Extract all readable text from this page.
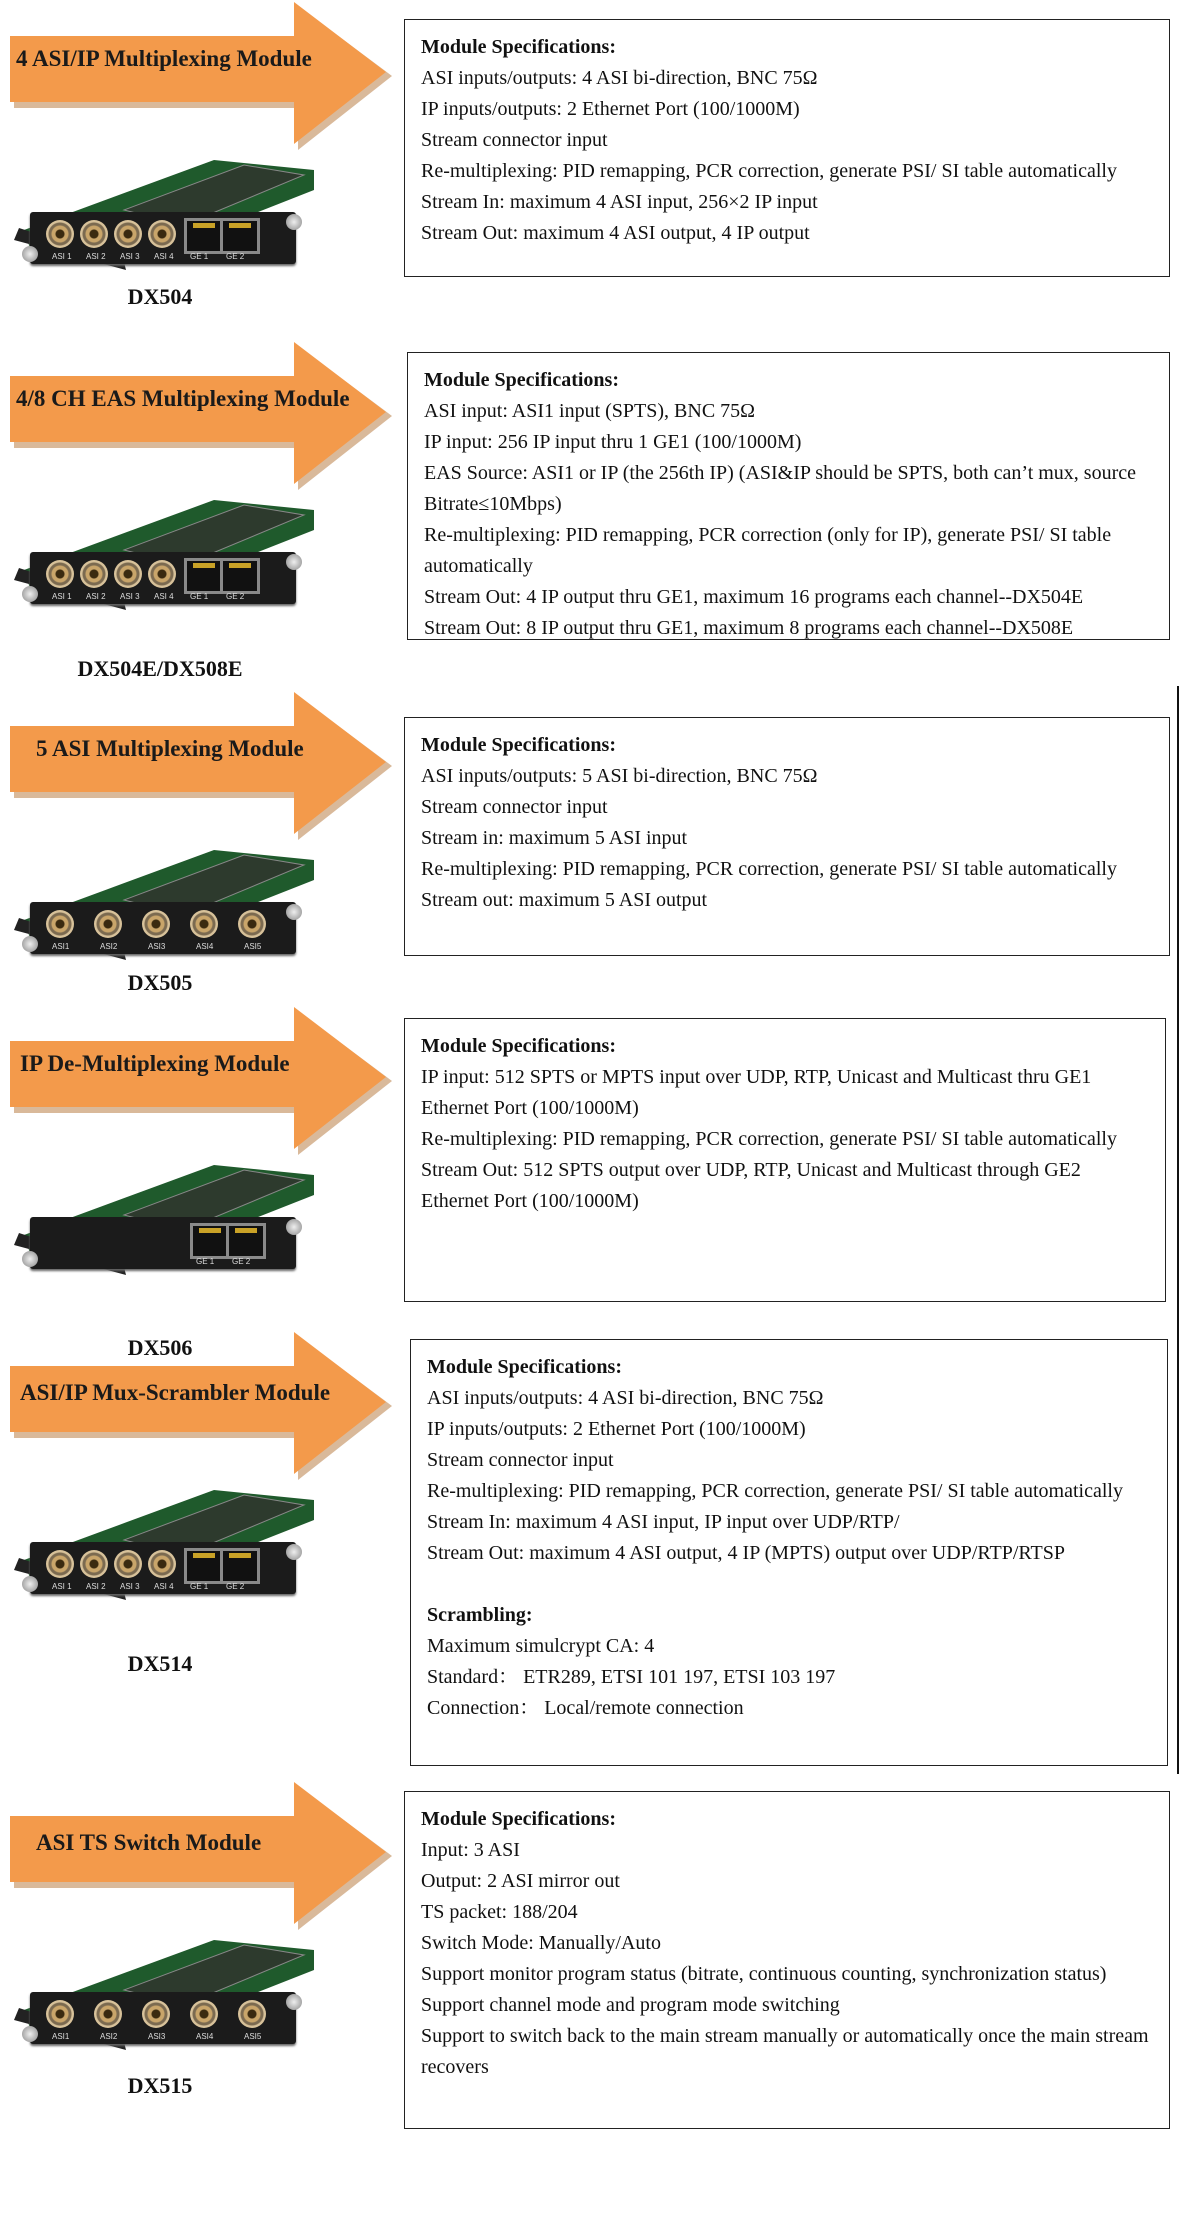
4 ASI/IP Multiplexing Module
ASI 1 ASI 2 ASI 3 ASI 4 GE 1 GE 2
DX504
Module Specifications:
ASI inputs/outputs: 4 ASI bi-direction, BNC 75Ω
IP inputs/outputs: 2 Ethernet Port (100/1000M)
Stream connector input
Re-multiplexing: PID remapping, PCR correction, generate PSI/ SI table automatically
Stream In: maximum 4 ASI input, 256×2 IP input
Stream Out: maximum 4 ASI output, 4 IP output
4/8 CH EAS Multiplexing Module
ASI 1 ASI 2 ASI 3 ASI 4 GE 1 GE 2
DX504E/DX508E
Module Specifications:
ASI input: ASI1 input (SPTS), BNC 75Ω
IP input: 256 IP input thru 1 GE1 (100/1000M)
EAS Source: ASI1 or IP (the 256th IP) (ASI&IP should be SPTS, both can’t mux, source Bitrate≤10Mbps)
Re-multiplexing: PID remapping, PCR correction (only for IP), generate PSI/ SI table automatically
Stream Out: 4 IP output thru GE1, maximum 16 programs each channel--DX504E
Stream Out: 8 IP output thru GE1, maximum 8 programs each channel--DX508E
5 ASI Multiplexing Module
ASI1	ASI2	ASI3	ASI4	ASI5
DX505
Module Specifications:
ASI inputs/outputs: 5 ASI bi-direction, BNC 75Ω
Stream connector input
Stream in: maximum 5 ASI input
Re-multiplexing: PID remapping, PCR correction, generate PSI/ SI table automatically
Stream out: maximum 5 ASI output
IP De-Multiplexing Module
GE 1 GE 2
DX506
Module Specifications:
IP input: 512 SPTS or MPTS input over UDP, RTP, Unicast and Multicast thru GE1 Ethernet Port (100/1000M)
Re-multiplexing: PID remapping, PCR correction, generate PSI/ SI table automatically
Stream Out: 512 SPTS output over UDP, RTP, Unicast and Multicast through GE2 Ethernet Port (100/1000M)
ASI/IP Mux-Scrambler Module
ASI 1 ASI 2 ASI 3 ASI 4 GE 1 GE 2
DX514
Module Specifications:
ASI inputs/outputs: 4 ASI bi-direction, BNC 75Ω
IP inputs/outputs: 2 Ethernet Port (100/1000M)
Stream connector input
Re-multiplexing: PID remapping, PCR correction, generate PSI/ SI table automatically
Stream In: maximum 4 ASI input, IP input over UDP/RTP/
Stream Out: maximum 4 ASI output, 4 IP (MPTS) output over UDP/RTP/RTSP
Scrambling:
Maximum simulcrypt CA: 4
Standard： ETR289, ETSI 101 197, ETSI 103 197
Connection： Local/remote connection
ASI TS Switch Module
ASI1	ASI2	ASI3	ASI4	ASI5
DX515
Module Specifications:
Input: 3 ASI
Output: 2 ASI mirror out
TS packet: 188/204
Switch Mode: Manually/Auto
Support monitor program status (bitrate, continuous counting, synchronization status)
Support channel mode and program mode switching
Support to switch back to the main stream manually or automatically once the main stream recovers
